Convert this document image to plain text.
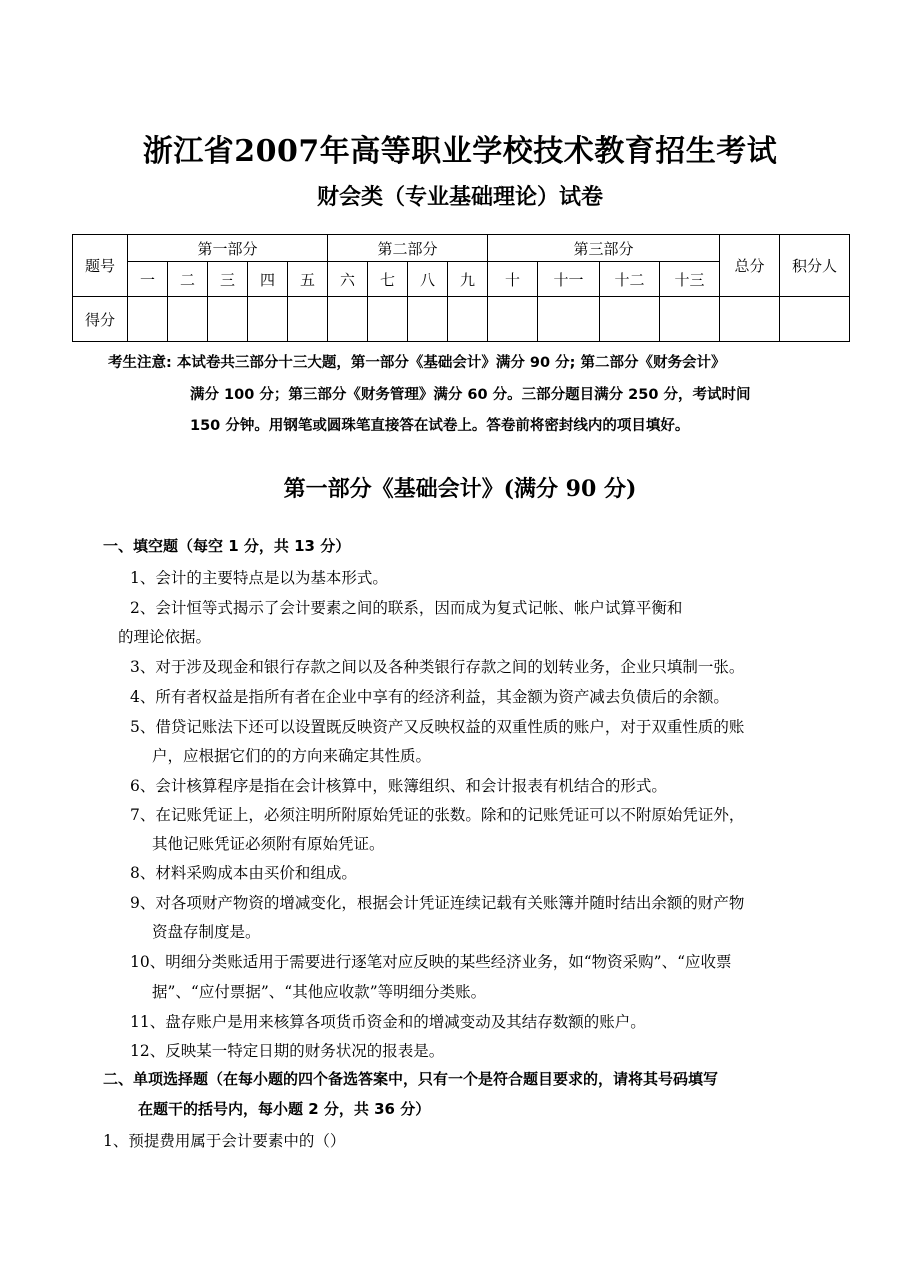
浙江省2007年高等职业学校技术教育招生考试
财会类（专业基础理论）试卷
题号	第一部分					第二部分				第三部分				总分	积分人
	一	二	三	四	五	六	七	八	九	十	十一	十二	十三		
得分															
考生注意: 本试卷共三部分十三大题，第一部分《基础会计》满分 90 分; 第二部分《财务会计》
满分 100 分；第三部分《财务管理》满分 60 分。三部分题目满分 250 分，考试时间
150 分钟。用钢笔或圆珠笔直接答在试卷上。答卷前将密封线内的项目填好。
第一部分《基础会计》(满分 90 分)
一、填空题（每空 1 分，共 13 分）
1、会计的主要特点是以为基本形式。
2、会计恒等式揭示了会计要素之间的联系，因而成为复式记帐、帐户试算平衡和
的理论依据。
3、对于涉及现金和银行存款之间以及各种类银行存款之间的划转业务，企业只填制一张。
4、所有者权益是指所有者在企业中享有的经济利益，其金额为资产减去负债后的余额。
5、借贷记账法下还可以设置既反映资产又反映权益的双重性质的账户，对于双重性质的账
户，应根据它们的的方向来确定其性质。
6、会计核算程序是指在会计核算中，账簿组织、和会计报表有机结合的形式。
7、在记账凭证上，必须注明所附原始凭证的张数。除和的记账凭证可以不附原始凭证外，
其他记账凭证必须附有原始凭证。
8、材料采购成本由买价和组成。
9、对各项财产物资的增减变化，根据会计凭证连续记载有关账簿并随时结出余额的财产物
资盘存制度是。
10、明细分类账适用于需要进行逐笔对应反映的某些经济业务，如“物资采购”、“应收票
据”、“应付票据”、“其他应收款”等明细分类账。
11、盘存账户是用来核算各项货币资金和的增减变动及其结存数额的账户。
12、反映某一特定日期的财务状况的报表是。
二、单项选择题（在每小题的四个备选答案中，只有一个是符合题目要求的，请将其号码填写
在题干的括号内，每小题 2 分，共 36 分）
1、预提费用属于会计要素中的（）
